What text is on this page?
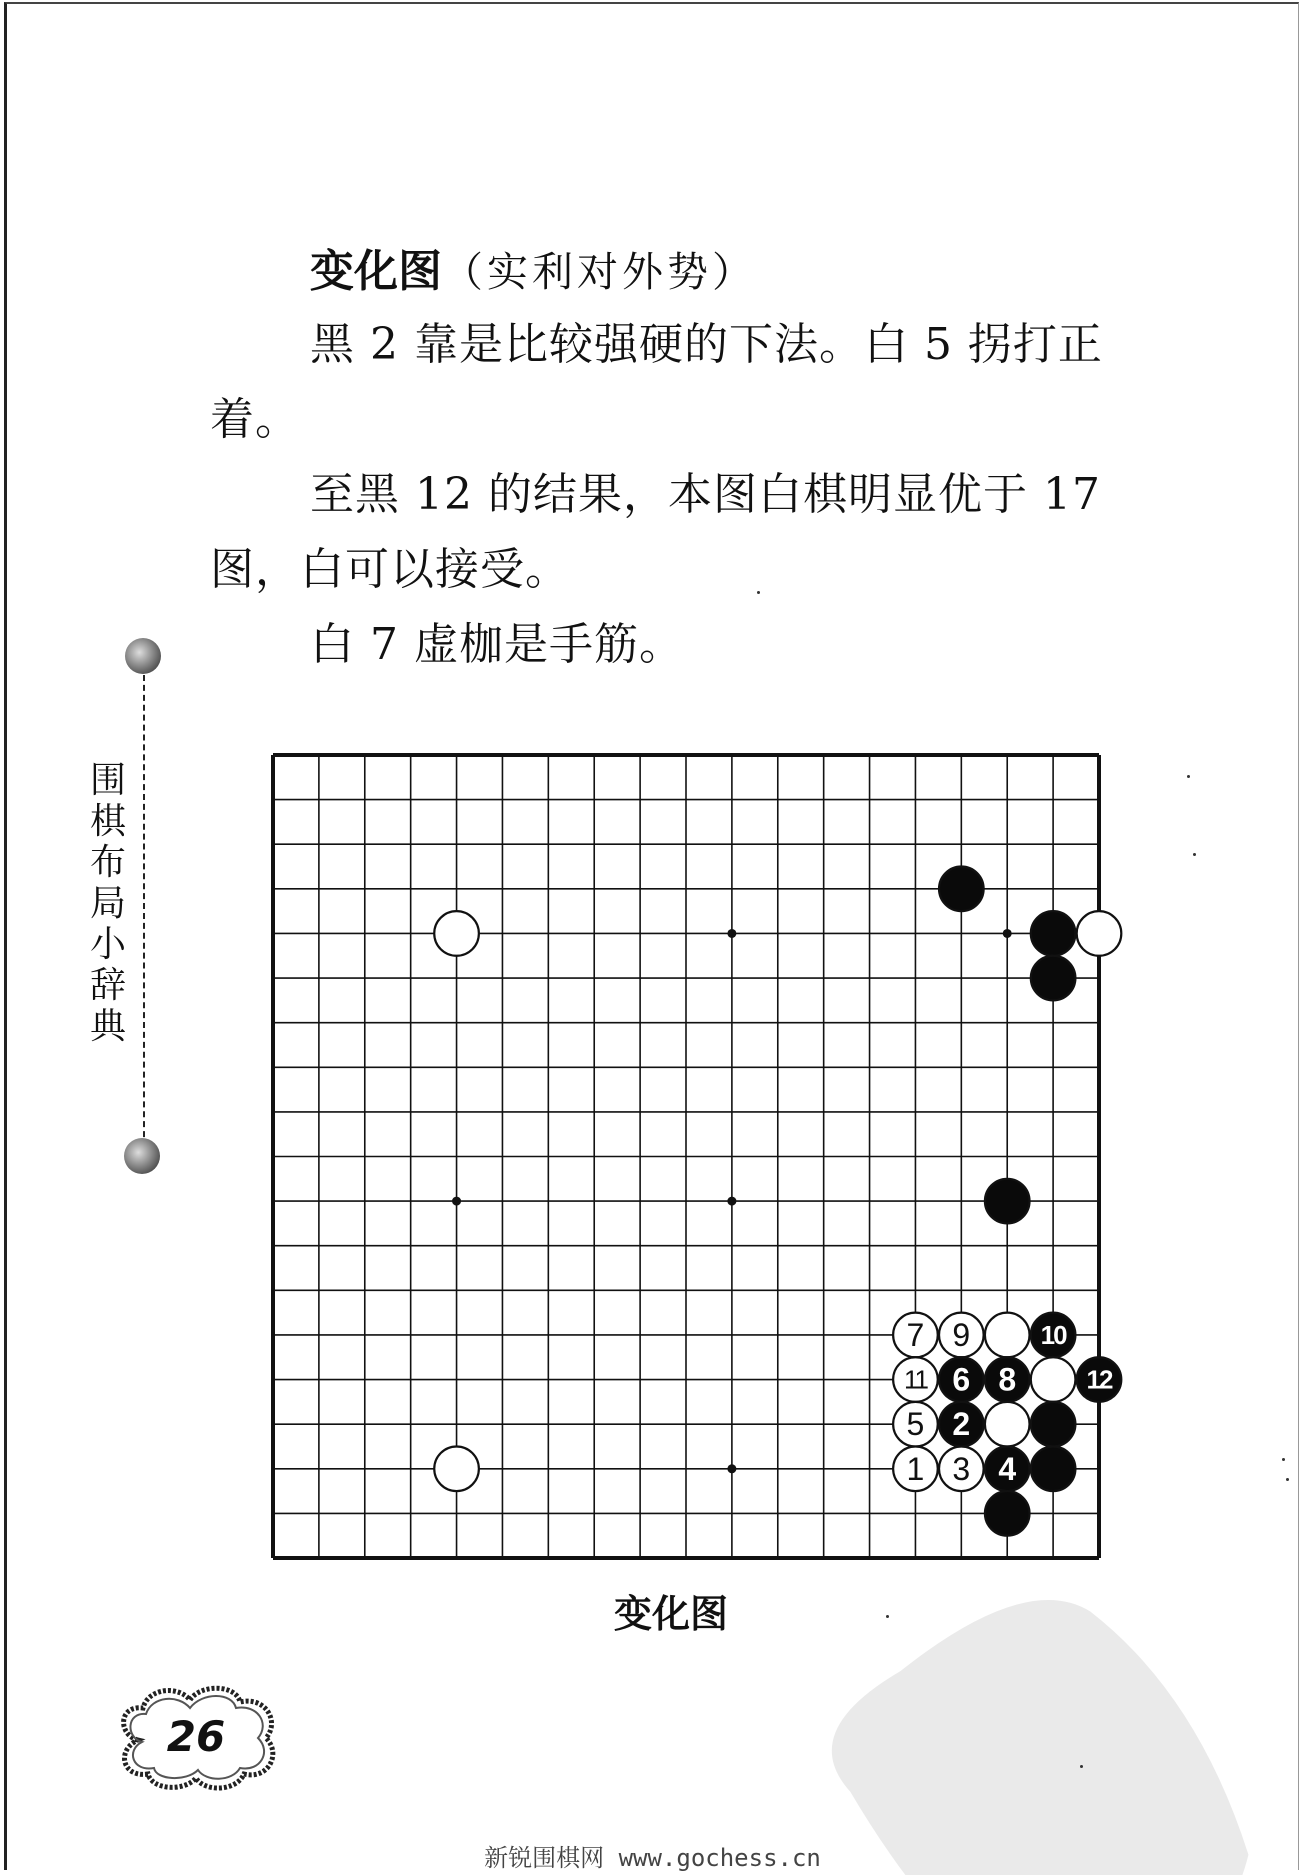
变化图（实利对外势）
黑 2 靠是比较强硬的下法。白 5 拐打正
着。
至黑 12 的结果，本图白棋明显优于 17
图，白可以接受。
白 7 虚枷是手筋。
围棋布局小辞典
7 9	10
11 6 8	12
5 2
1 3 4
变化图
26
新锐围棋网 www.gochess.cn
